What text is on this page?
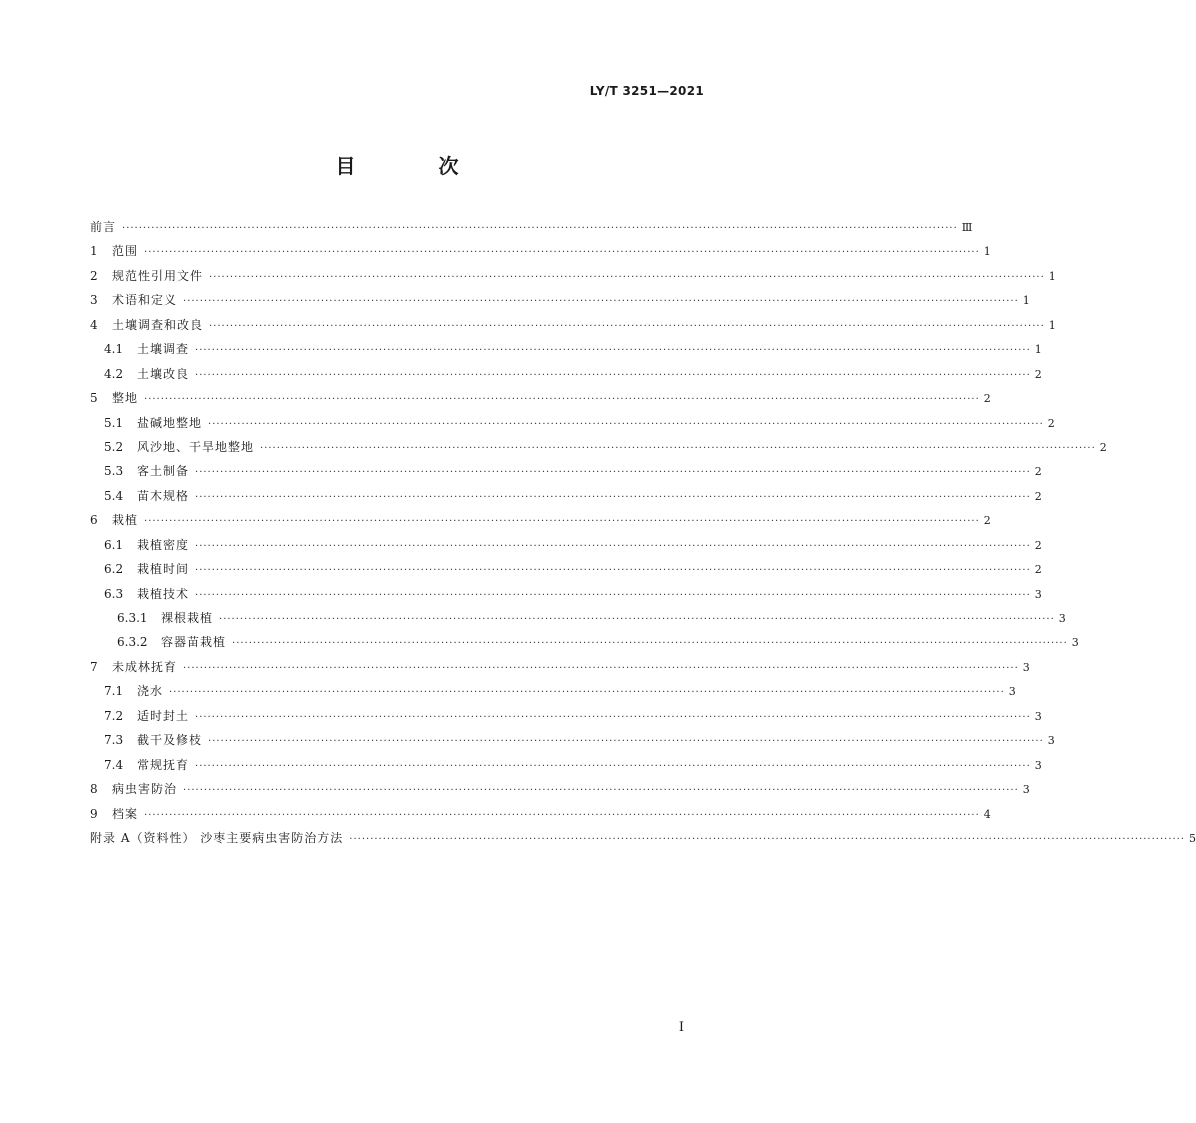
LY/T 3251—2021
目 次
前言 ········································································································································································································ Ⅲ
1 范围 ········································································································································································································ 1
2 规范性引用文件 ········································································································································································································ 1
3 术语和定义 ········································································································································································································ 1
4 土壤调查和改良 ········································································································································································································ 1
4.1 土壤调查 ········································································································································································································ 1
4.2 土壤改良 ········································································································································································································ 2
5 整地 ········································································································································································································ 2
5.1 盐碱地整地 ········································································································································································································ 2
5.2 风沙地、干旱地整地 ········································································································································································································ 2
5.3 客土制备 ········································································································································································································ 2
5.4 苗木规格 ········································································································································································································ 2
6 栽植 ········································································································································································································ 2
6.1 栽植密度 ········································································································································································································ 2
6.2 栽植时间 ········································································································································································································ 2
6.3 栽植技术 ········································································································································································································ 3
6.3.1 裸根栽植 ········································································································································································································ 3
6.3.2 容器苗栽植 ········································································································································································································ 3
7 未成林抚育 ········································································································································································································ 3
7.1 浇水 ········································································································································································································ 3
7.2 适时封土 ········································································································································································································ 3
7.3 截干及修枝 ········································································································································································································ 3
7.4 常规抚育 ········································································································································································································ 3
8 病虫害防治 ········································································································································································································ 3
9 档案 ········································································································································································································ 4
附录 A（资料性） 沙枣主要病虫害防治方法 ········································································································································································································ 5
I
